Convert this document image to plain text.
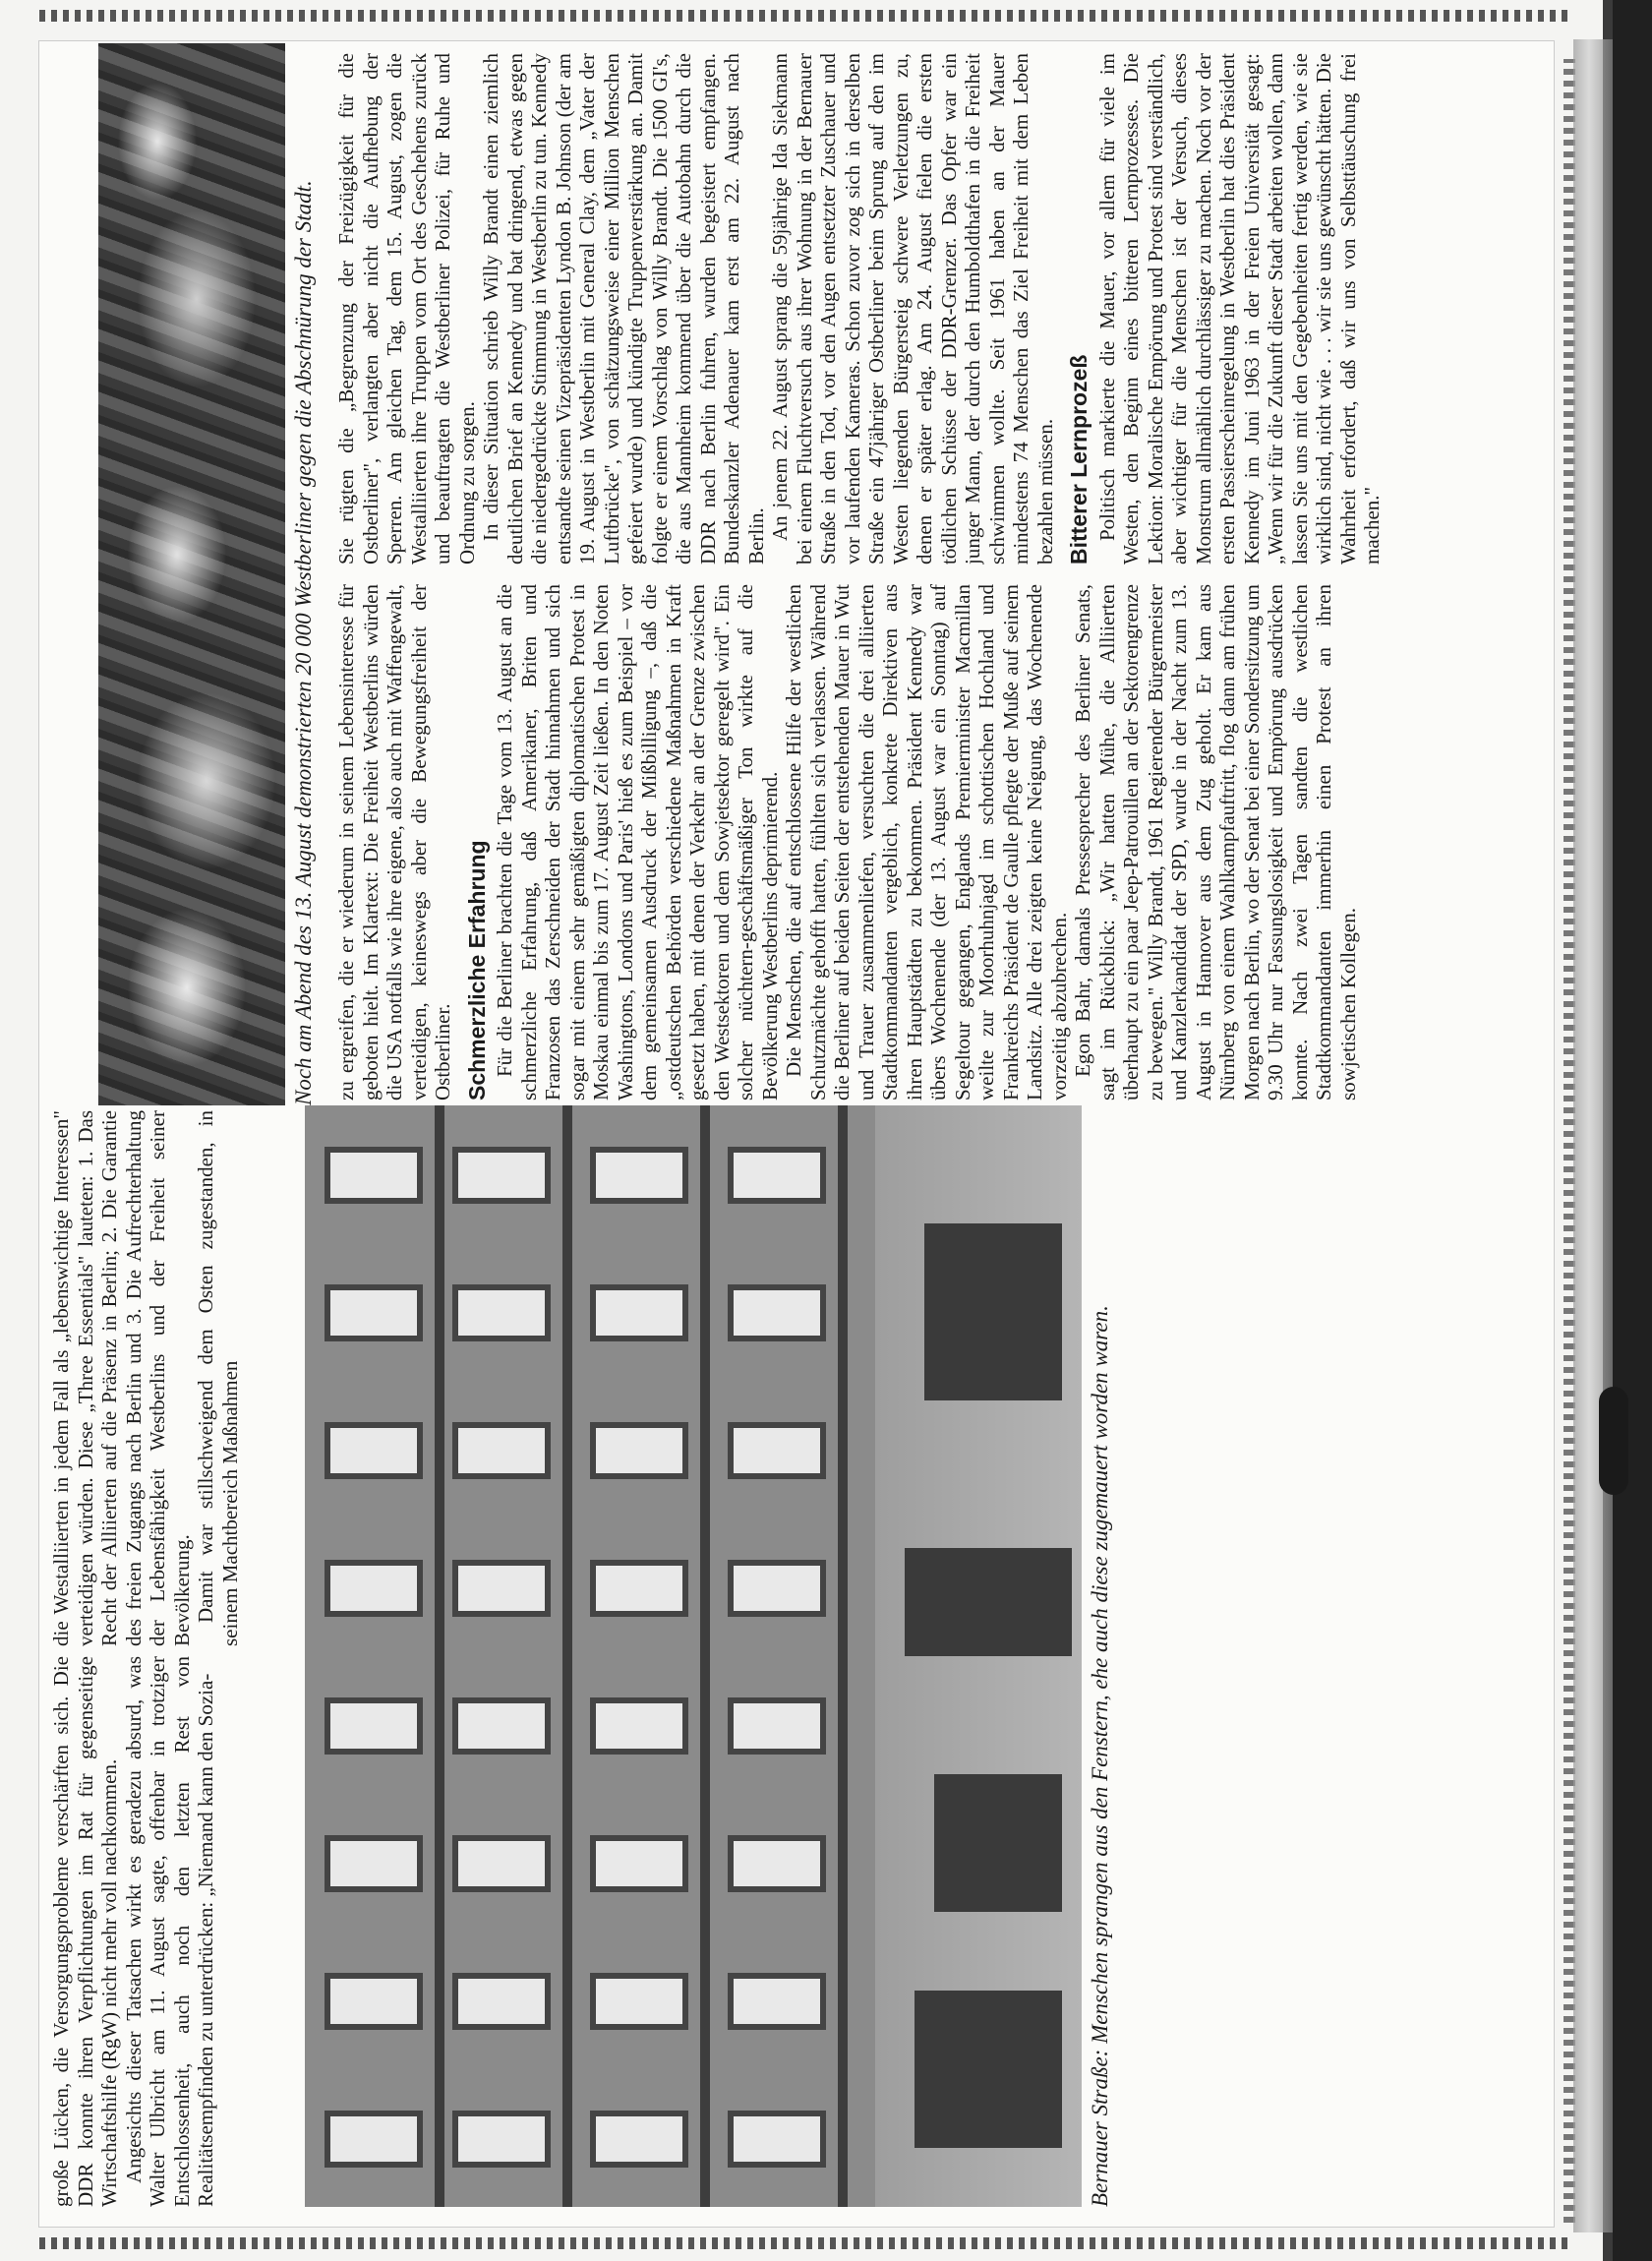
Bernauer Straße: Menschen sprangen aus den Fenstern, ehe auch diese zugemauert worden waren.

große Lücken, die Versorgungsprobleme verschärften sich. Die DDR konnte ihren Verpflichtungen im Rat für gegenseitige Wirtschaftshilfe (RgW) nicht mehr voll nachkommen. Angesichts dieser Tatsachen wirkt es geradezu absurd, was Walter Ulbricht am 11. August sagte, offenbar in trotziger Entschlossenheit, auch noch den letzten Rest von Realitätsempfinden zu unterdrücken: „Niemand kann den Sozia-

die Westalliierten in jedem Fall als „lebenswichtige Interessen" verteidigen würden. Diese „Three Essentials" lauteten: 1. Das Recht der Alliierten auf die Präsenz in Berlin; 2. Die Garantie des freien Zugangs nach Berlin und 3. Die Aufrechterhaltung der Lebensfähigkeit Westberlins und der Freiheit seiner Bevölkerung. Damit war stillschweigend dem Osten zugestanden, in seinem Machtbereich Maßnahmen

Noch am Abend des 13. August demonstrierten 20 000 Westberliner gegen die Abschnürung der Stadt. zu ergreifen, die er wiederum in seinem Lebensinteresse für geboten hielt. Im Klartext: Die Freiheit Westberlins würden die USA notfalls wie ihre eigene, also auch mit Waffengewalt, verteidigen, keineswegs aber die Bewegungsfreiheit der Ostberliner. Schmerzliche Erfahrung Für die Berliner brachten die Tage vom 13. August an die schmerzliche Erfahrung, daß Amerikaner, Briten und Franzosen das Zerschneiden der Stadt hinnahmen und sich sogar mit einem sehr gemäßigten diplomatischen Protest in Moskau einmal bis zum 17. August Zeit ließen. In den Noten Washingtons, Londons und Paris' hieß es zum Beispiel – vor dem gemeinsamen Ausdruck der Mißbilligung –, daß die „ostdeutschen Behörden verschiedene Maßnahmen in Kraft gesetzt haben, mit denen der Verkehr an der Grenze zwischen den Westsektoren und dem Sowjetsektor geregelt wird". Ein solcher nüchtern-geschäftsmäßiger Ton wirkte auf die Bevölkerung Westberlins deprimierend. Die Menschen, die auf entschlossene Hilfe der westlichen Schutzmächte gehofft hatten, fühlten sich verlassen. Während die Berliner auf beiden Seiten der entstehenden Mauer in Wut und Trauer zusammenliefen, versuchten die drei alliierten Stadtkommandanten vergeblich, konkrete Direktiven aus ihren Hauptstädten zu bekommen. Präsident Kennedy war übers Wochenende (der 13. August war ein Sonntag) auf Segeltour gegangen, Englands Premierminister Macmillan weilte zur Moorhuhnjagd im schottischen Hochland und Frankreichs Präsident de Gaulle pflegte der Muße auf seinem Landsitz. Alle drei zeigten keine Neigung, das Wochenende vorzeitig abzubrechen. Egon Bahr, damals Pressesprecher des Berliner Senats, sagt im Rückblick: „Wir hatten Mühe, die Alliierten überhaupt zu ein paar Jeep-Patrouillen an der Sektorengrenze zu bewegen." Willy Brandt, 1961 Regierender Bürgermeister und Kanzlerkandidat der SPD, wurde in der Nacht zum 13. August in Hannover aus dem Zug geholt. Er kam aus Nürnberg von einem Wahlkampfauftritt, flog dann am frühen Morgen nach Berlin, wo der Senat bei einer Sondersitzung um 9.30 Uhr nur Fassungslosigkeit und Empörung ausdrücken konnte. Nach zwei Tagen sandten die westlichen Stadtkommandanten immerhin einen Protest an ihren sowjetischen Kollegen.

Sie rügten die „Begrenzung der Freizügigkeit für die Ostberliner", verlangten aber nicht die Aufhebung der Sperren. Am gleichen Tag, dem 15. August, zogen die Westalliierten ihre Truppen vom Ort des Geschehens zurück und beauftragten die Westberliner Polizei, für Ruhe und Ordnung zu sorgen. In dieser Situation schrieb Willy Brandt einen ziemlich deutlichen Brief an Kennedy und bat dringend, etwas gegen die niedergedrückte Stimmung in Westberlin zu tun. Kennedy entsandte seinen Vizepräsidenten Lyndon B. Johnson (der am 19. August in Westberlin mit General Clay, dem „Vater der Luftbrücke", von schätzungsweise einer Million Menschen gefeiert wurde) und kündigte Truppenverstärkung an. Damit folgte er einem Vorschlag von Willy Brandt. Die 1500 GI's, die aus Mannheim kommend über die Autobahn durch die DDR nach Berlin fuhren, wurden begeistert empfangen. Bundeskanzler Adenauer kam erst am 22. August nach Berlin. An jenem 22. August sprang die 59jährige Ida Siekmann bei einem Fluchtversuch aus ihrer Wohnung in der Bernauer Straße in den Tod, vor den Augen entsetzter Zuschauer und vor laufenden Kameras. Schon zuvor zog sich in derselben Straße ein 47jähriger Ostberliner beim Sprung auf den im Westen liegenden Bürgersteig schwere Verletzungen zu, denen er später erlag. Am 24. August fielen die ersten tödlichen Schüsse der DDR-Grenzer. Das Opfer war ein junger Mann, der durch den Humboldthafen in die Freiheit schwimmen wollte. Seit 1961 haben an der Mauer mindestens 74 Menschen das Ziel Freiheit mit dem Leben bezahlen müssen. Bitterer Lernprozeß Politisch markierte die Mauer, vor allem für viele im Westen, den Beginn eines bitteren Lernprozesses. Die Lektion: Moralische Empörung und Protest sind verständlich, aber wichtiger für die Menschen ist der Versuch, dieses Monstrum allmählich durchlässiger zu machen. Noch vor der ersten Passierscheinregelung in Westberlin hat dies Präsident Kennedy im Juni 1963 in der Freien Universität gesagt: „Wenn wir für die Zukunft dieser Stadt arbeiten wollen, dann lassen Sie uns mit den Gegebenheiten fertig werden, wie sie wirklich sind, nicht wie . . . wir sie uns gewünscht hätten. Die Wahrheit erfordert, daß wir uns von Selbsttäuschung frei machen."
